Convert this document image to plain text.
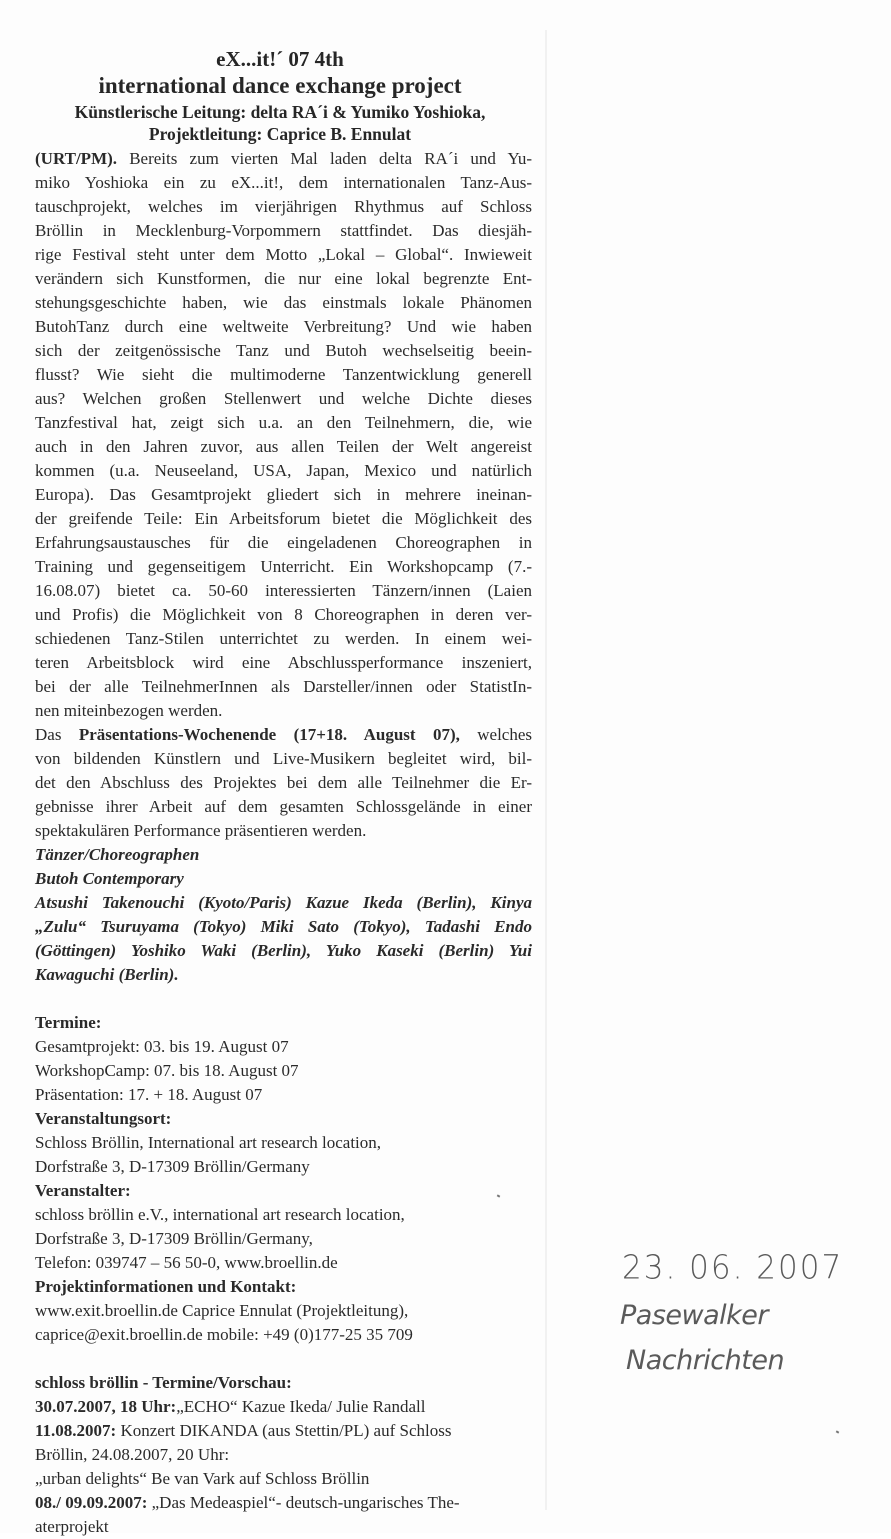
eX...it!´ 07 4th
international dance exchange project
Künstlerische Leitung: delta RA´i & Yumiko Yoshioka,
Projektleitung: Caprice B. Ennulat
(URT/PM). Bereits zum vierten Mal laden delta RA´i und Yu-
miko Yoshioka ein zu eX...it!, dem internationalen Tanz-Aus-
tauschprojekt, welches im vierjährigen Rhythmus auf Schloss
Bröllin in Mecklenburg-Vorpommern stattfindet. Das diesjäh-
rige Festival steht unter dem Motto „Lokal – Global“. Inwieweit
verändern sich Kunstformen, die nur eine lokal begrenzte Ent-
stehungsgeschichte haben, wie das einstmals lokale Phänomen
ButohTanz durch eine weltweite Verbreitung? Und wie haben
sich der zeitgenössische Tanz und Butoh wechselseitig beein-
flusst? Wie sieht die multimoderne Tanzentwicklung generell
aus? Welchen großen Stellenwert und welche Dichte dieses
Tanzfestival hat, zeigt sich u.a. an den Teilnehmern, die, wie
auch in den Jahren zuvor, aus allen Teilen der Welt angereist
kommen (u.a. Neuseeland, USA, Japan, Mexico und natürlich
Europa). Das Gesamtprojekt gliedert sich in mehrere ineinan-
der greifende Teile: Ein Arbeitsforum bietet die Möglichkeit des
Erfahrungsaustausches für die eingeladenen Choreographen in
Training und gegenseitigem Unterricht. Ein Workshopcamp (7.-
16.08.07) bietet ca. 50-60 interessierten Tänzern/innen (Laien
und Profis) die Möglichkeit von 8 Choreographen in deren ver-
schiedenen Tanz-Stilen unterrichtet zu werden. In einem wei-
teren Arbeitsblock wird eine Abschlussperformance inszeniert,
bei der alle TeilnehmerInnen als Darsteller/innen oder StatistIn-
nen miteinbezogen werden.
Das Präsentations-Wochenende (17+18. August 07), welches
von bildenden Künstlern und Live-Musikern begleitet wird, bil-
det den Abschluss des Projektes bei dem alle Teilnehmer die Er-
gebnisse ihrer Arbeit auf dem gesamten Schlossgelände in einer
spektakulären Performance präsentieren werden.
Tänzer/Choreographen
Butoh Contemporary
Atsushi Takenouchi (Kyoto/Paris) Kazue Ikeda (Berlin), Kinya
„Zulu“ Tsuruyama (Tokyo) Miki Sato (Tokyo), Tadashi Endo
(Göttingen) Yoshiko Waki (Berlin), Yuko Kaseki (Berlin) Yui
Kawaguchi (Berlin).
Termine:
Gesamtprojekt: 03. bis 19. August 07
WorkshopCamp: 07. bis 18. August 07
Präsentation: 17. + 18. August 07
Veranstaltungsort:
Schloss Bröllin, International art research location,
Dorfstraße 3, D-17309 Bröllin/Germany
Veranstalter:
schloss bröllin e.V., international art research location,
Dorfstraße 3, D-17309 Bröllin/Germany,
Telefon: 039747 – 56 50-0, www.broellin.de
Projektinformationen und Kontakt:
www.exit.broellin.de Caprice Ennulat (Projektleitung),
caprice@exit.broellin.de mobile: +49 (0)177-25 35 709
schloss bröllin - Termine/Vorschau:
30.07.2007, 18 Uhr:„ECHO“ Kazue Ikeda/ Julie Randall
11.08.2007: Konzert DIKANDA (aus Stettin/PL) auf Schloss
Bröllin, 24.08.2007, 20 Uhr:
„urban delights“ Be van Vark auf Schloss Bröllin
08./ 09.09.2007: „Das Medeaspiel“- deutsch-ungarisches The-
aterprojekt
23. 06. 2007
Pasewalker
Nachrichten
